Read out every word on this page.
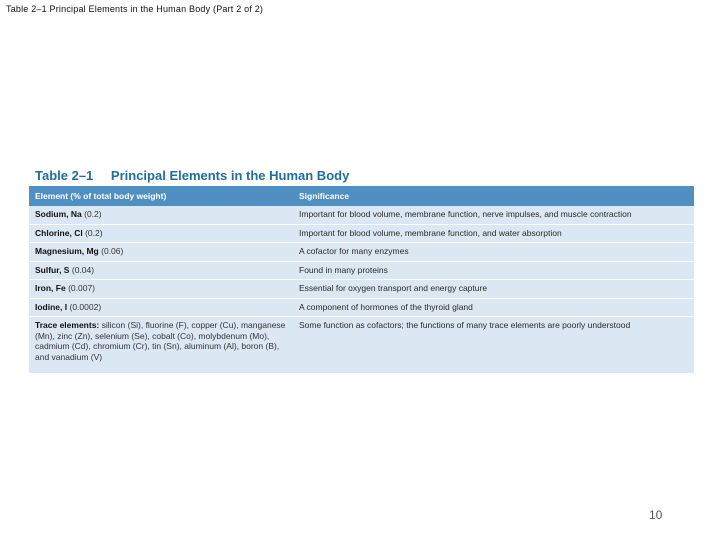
Table 2–1 Principal Elements in the Human Body (Part 2 of 2)
Table 2–1 Principal Elements in the Human Body
Element (% of total body weight)	Significance
Sodium, Na (0.2)	Important for blood volume, membrane function, nerve impulses, and muscle contraction
Chlorine, Cl (0.2)	Important for blood volume, membrane function, and water absorption
Magnesium, Mg (0.06)	A cofactor for many enzymes
Sulfur, S (0.04)	Found in many proteins
Iron, Fe (0.007)	Essential for oxygen transport and energy capture
Iodine, I (0.0002)	A component of hormones of the thyroid gland
Trace elements: silicon (Si), fluorine (F), copper (Cu), manganese (Mn), zinc (Zn), selenium (Se), cobalt (Co), molybdenum (Mo), cadmium (Cd), chromium (Cr), tin (Sn), aluminum (Al), boron (B), and vanadium (V)	Some function as cofactors; the functions of many trace elements are poorly understood
10
